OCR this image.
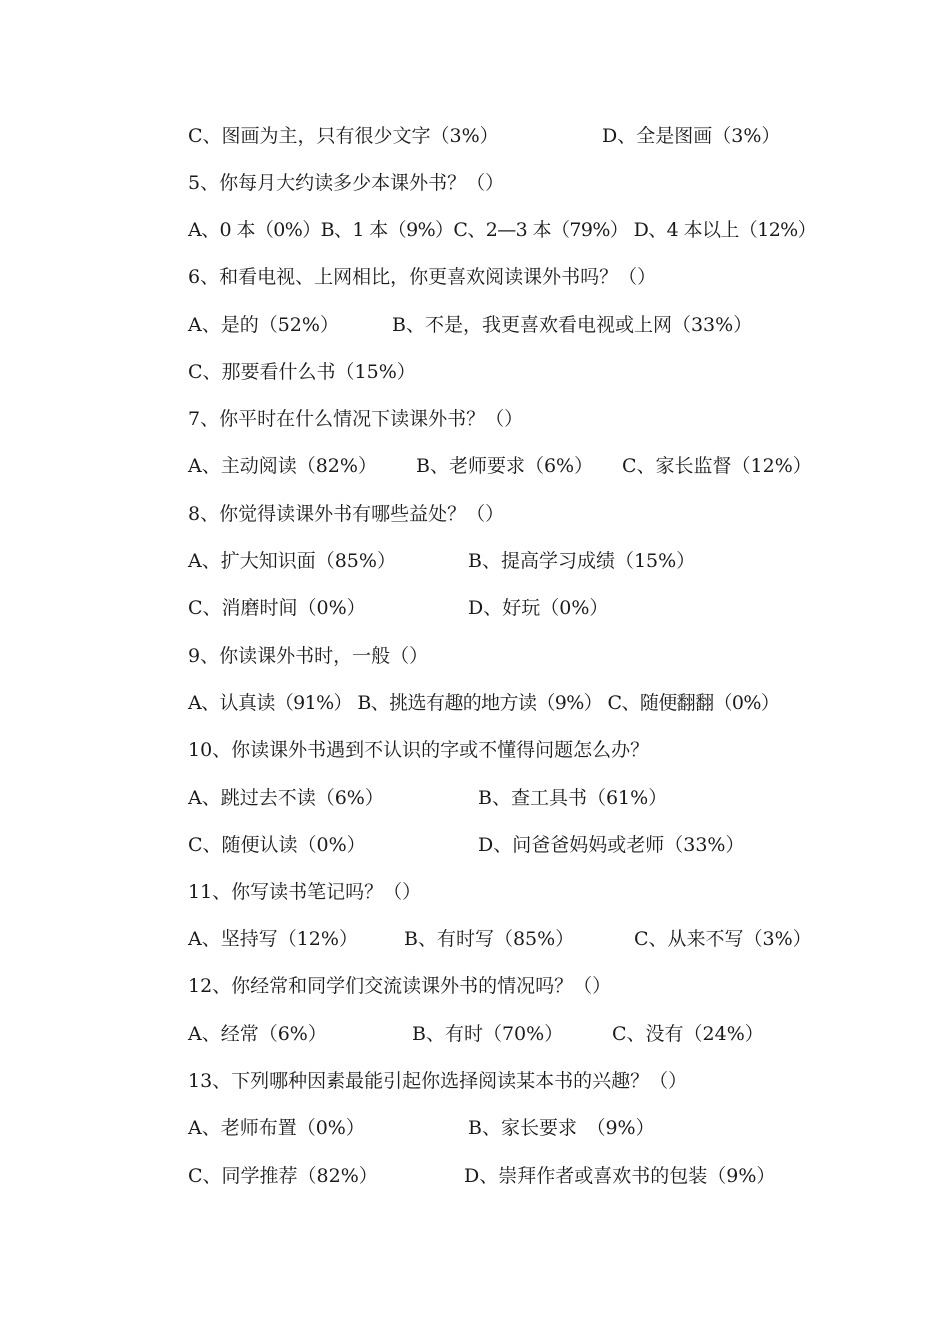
C、图画为主，只有很少文字（3%）	D、全是图画（3%）
5、你每月大约读多少本课外书？（）
A、0 本（0%）B、1 本（9%）C、2—3 本（79%） D、4 本以上（12%）
6、和看电视、上网相比，你更喜欢阅读课外书吗？（）
A、是的（52%）	B、不是，我更喜欢看电视或上网（33%）
C、那要看什么书（15%）
7、你平时在什么情况下读课外书？（）
A、主动阅读（82%） B、老师要求（6%） C、家长监督（12%）
8、你觉得读课外书有哪些益处？（）
A、扩大知识面（85%）	B、提高学习成绩（15%）
C、消磨时间（0%）	D、好玩（0%）
9、你读课外书时，一般（）
A、认真读（91%） B、挑选有趣的地方读（9%） C、随便翻翻（0%）
10、你读课外书遇到不认识的字或不懂得问题怎么办？
A、跳过去不读（6%）	B、查工具书（61%）
C、随便认读（0%）	D、问爸爸妈妈或老师（33%）
11、你写读书笔记吗？（）
A、坚持写（12%） B、有时写（85%）	C、从来不写（3%）
12、你经常和同学们交流读课外书的情况吗？（）
A、经常（6%）	B、有时（70%）	C、没有（24%）
13、下列哪种因素最能引起你选择阅读某本书的兴趣？（）
A、老师布置（0%）	B、家长要求　（9%）
C、同学推荐（82%）	D、崇拜作者或喜欢书的包装（9%）
